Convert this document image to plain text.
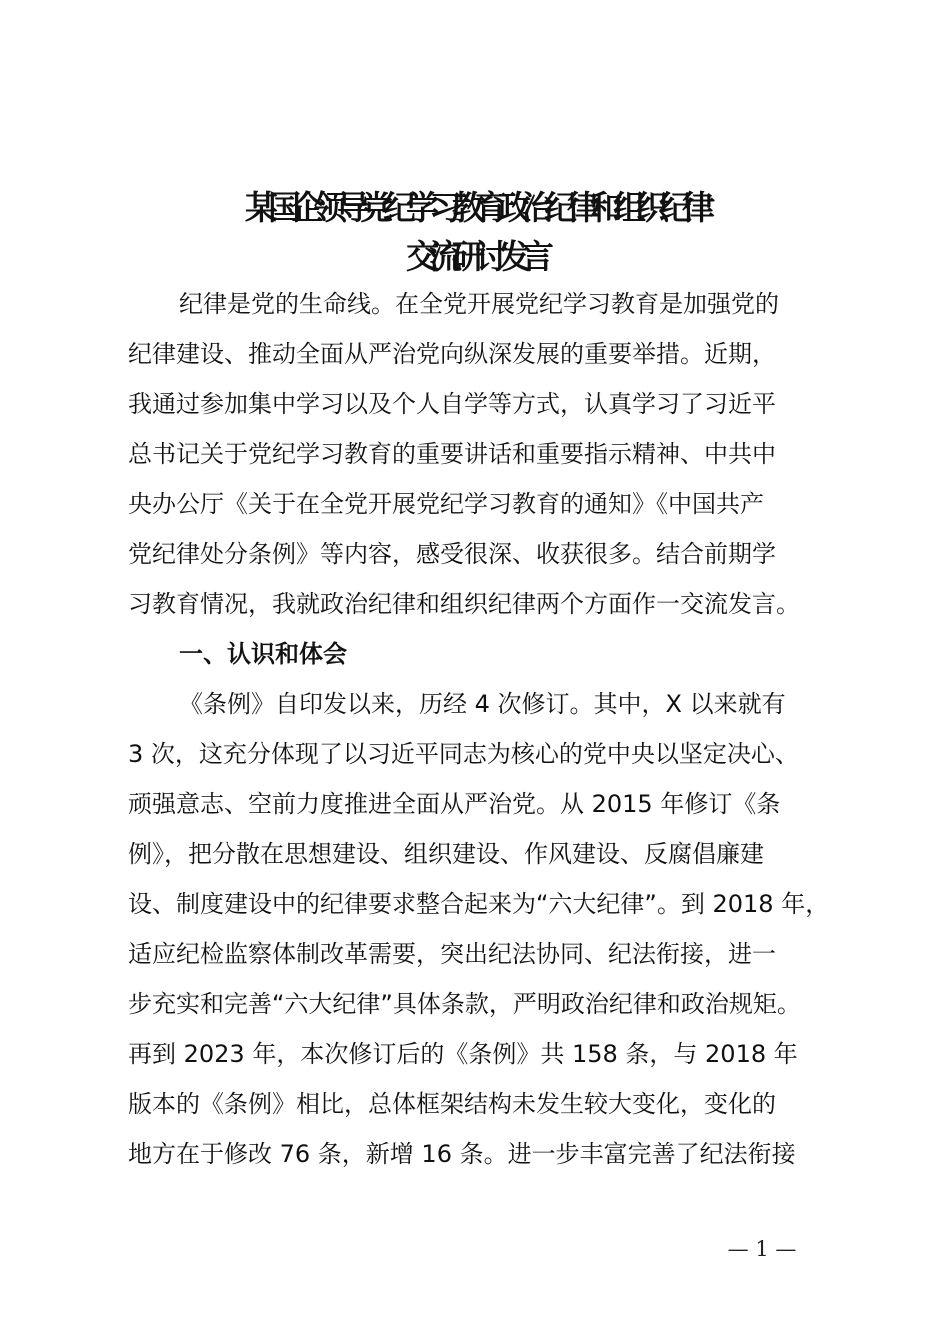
某国企领导党纪学习教育政治纪律和组织纪律
交流研讨发言

纪律是党的生命线。在全党开展党纪学习教育是加强党的

纪律建设、推动全面从严治党向纵深发展的重要举措。近期，

我通过参加集中学习以及个人自学等方式，认真学习了习近平

总书记关于党纪学习教育的重要讲话和重要指示精神、中共中

央办公厅《关于在全党开展党纪学习教育的通知》《中国共产

党纪律处分条例》等内容，感受很深、收获很多。结合前期学

习教育情况，我就政治纪律和组织纪律两个方面作一交流发言。

一、认识和体会

《条例》自印发以来，历经 4 次修订。其中，X 以来就有

3 次，这充分体现了以习近平同志为核心的党中央以坚定决心、

顽强意志、空前力度推进全面从严治党。从 2015 年修订《条

例》，把分散在思想建设、组织建设、作风建设、反腐倡廉建

设、制度建设中的纪律要求整合起来为“六大纪律”。到 2018 年，

适应纪检监察体制改革需要，突出纪法协同、纪法衔接，进一

步充实和完善“六大纪律”具体条款，严明政治纪律和政治规矩。

再到 2023 年，本次修订后的《条例》共 158 条，与 2018 年

版本的《条例》相比，总体框架结构未发生较大变化，变化的

地方在于修改 76 条，新增 16 条。进一步丰富完善了纪法衔接

— 1 —
